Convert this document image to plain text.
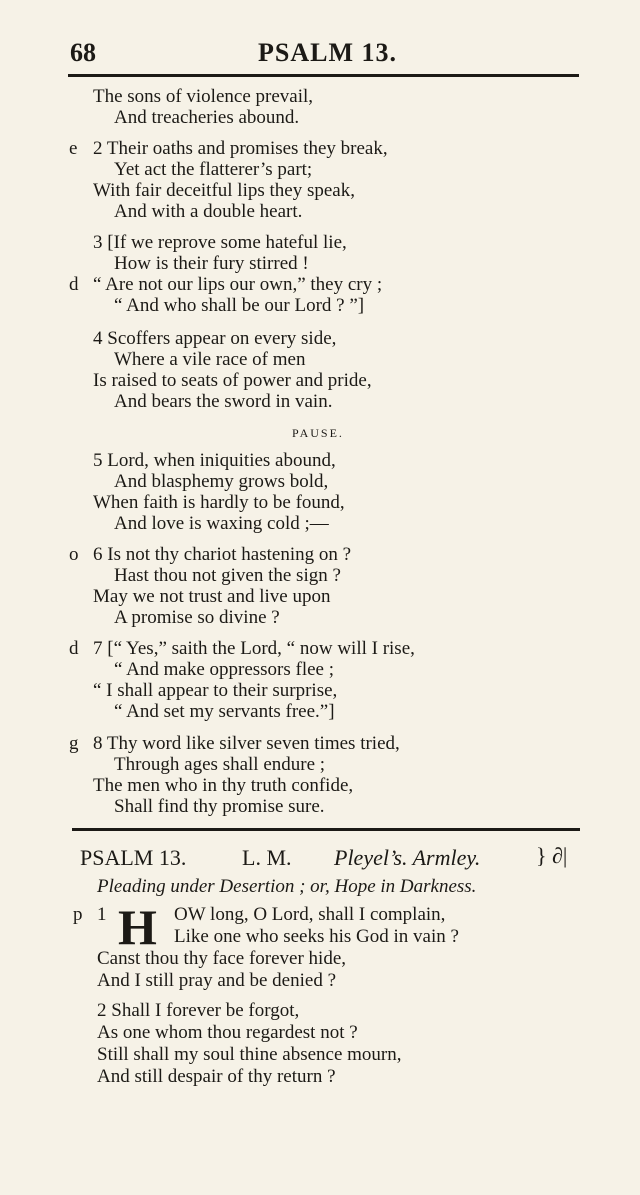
68	PSALM 13.
The sons of violence prevail,
And treacheries abound.
e 2 Their oaths and promises they break,
Yet act the flatterer’s part;
With fair deceitful lips they speak,
And with a double heart.
3 [If we reprove some hateful lie,
How is their fury stirred !
d “ Are not our lips our own,” they cry ;
“ And who shall be our Lord ? ”]
4 Scoffers appear on every side,
Where a vile race of men
Is raised to seats of power and pride,
And bears the sword in vain.
PAUSE.
5 Lord, when iniquities abound,
And blasphemy grows bold,
When faith is hardly to be found,
And love is waxing cold ;—
o 6 Is not thy chariot hastening on ?
Hast thou not given the sign ?
May we not trust and live upon
A promise so divine ?
d 7 [“ Yes,” saith the Lord, “ now will I rise,
“ And make oppressors flee ;
“ I shall appear to their surprise,
“ And set my servants free.”]
g 8 Thy word like silver seven times tried,
Through ages shall endure ;
The men who in thy truth confide,
Shall find thy promise sure.
PSALM 13.	L. M. Pleyel’s. Armley.	} ∂|
Pleading under Desertion ; or, Hope in Darkness.
p 1 H OW long, O Lord, shall I complain,
Like one who seeks his God in vain ?
Canst thou thy face forever hide,
And I still pray and be denied ?
2 Shall I forever be forgot,
As one whom thou regardest not ?
Still shall my soul thine absence mourn,
And still despair of thy return ?
